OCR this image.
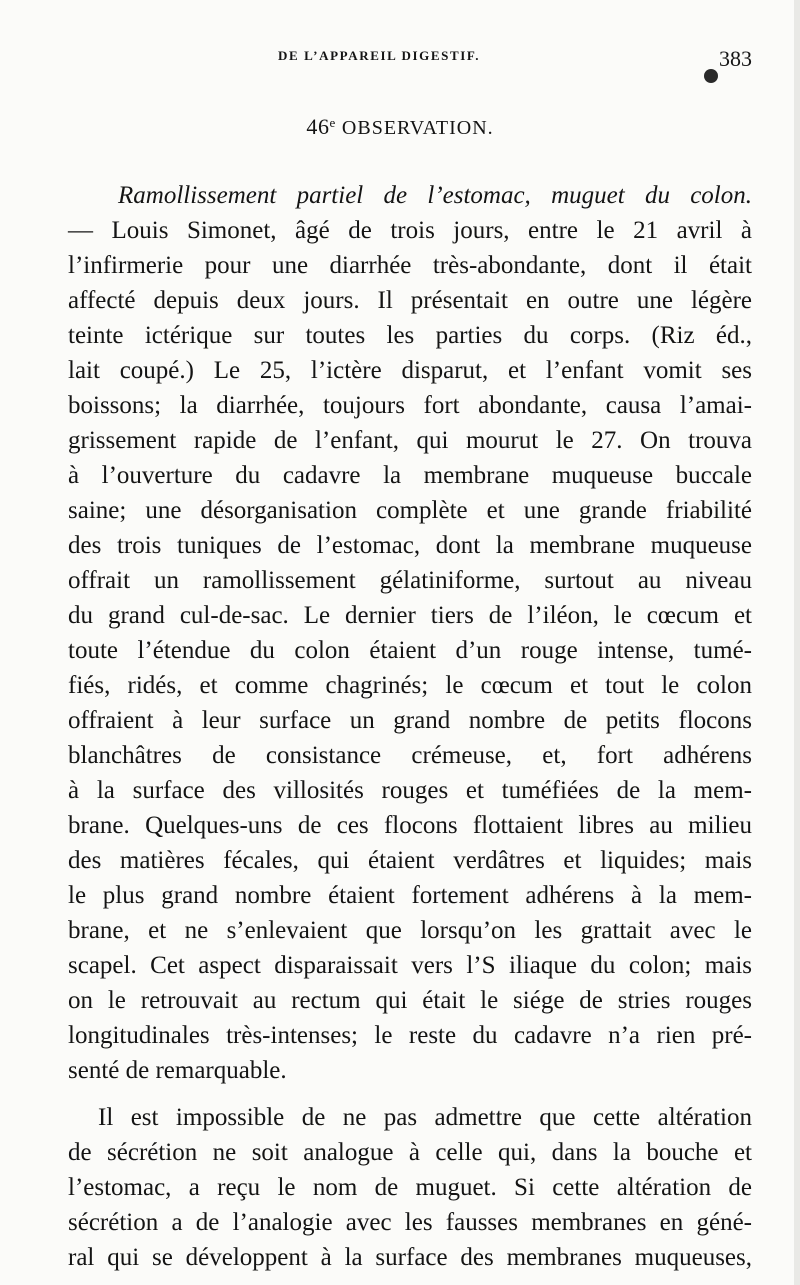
DE L’APPAREIL DIGESTIF.	383
46e OBSERVATION.
Ramollissement partiel de l’estomac, muguet du colon.
— Louis Simonet, âgé de trois jours, entre le 21 avril à
l’infirmerie pour une diarrhée très-abondante, dont il était
affecté depuis deux jours. Il présentait en outre une légère
teinte ictérique sur toutes les parties du corps. (Riz éd.,
lait coupé.) Le 25, l’ictère disparut, et l’enfant vomit ses
boissons; la diarrhée, toujours fort abondante, causa l’amai-
grissement rapide de l’enfant, qui mourut le 27. On trouva
à l’ouverture du cadavre la membrane muqueuse buccale
saine; une désorganisation complète et une grande friabilité
des trois tuniques de l’estomac, dont la membrane muqueuse
offrait un ramollissement gélatiniforme, surtout au niveau
du grand cul-de-sac. Le dernier tiers de l’iléon, le cœcum et
toute l’étendue du colon étaient d’un rouge intense, tumé-
fiés, ridés, et comme chagrinés; le cœcum et tout le colon
offraient à leur surface un grand nombre de petits flocons
blanchâtres de consistance crémeuse, et, fort adhérens
à la surface des villosités rouges et tuméfiées de la mem-
brane. Quelques-uns de ces flocons flottaient libres au milieu
des matières fécales, qui étaient verdâtres et liquides; mais
le plus grand nombre étaient fortement adhérens à la mem-
brane, et ne s’enlevaient que lorsqu’on les grattait avec le
scapel. Cet aspect disparaissait vers l’S iliaque du colon; mais
on le retrouvait au rectum qui était le siége de stries rouges
longitudinales très-intenses; le reste du cadavre n’a rien pré-
senté de remarquable.
Il est impossible de ne pas admettre que cette altération
de sécrétion ne soit analogue à celle qui, dans la bouche et
l’estomac, a reçu le nom de muguet. Si cette altération de
sécrétion a de l’analogie avec les fausses membranes en géné-
ral qui se développent à la surface des membranes muqueuses,
